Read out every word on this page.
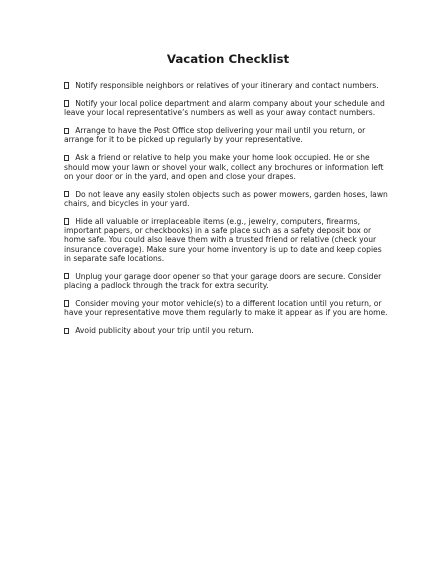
Vacation Checklist
Notify responsible neighbors or relatives of your itinerary and contact numbers.
Notify your local police department and alarm company about your schedule and leave your local representative’s numbers as well as your away contact numbers.
Arrange to have the Post Office stop delivering your mail until you return, or arrange for it to be picked up regularly by your representative.
Ask a friend or relative to help you make your home look occupied. He or she should mow your lawn or shovel your walk, collect any brochures or information left on your door or in the yard, and open and close your drapes.
Do not leave any easily stolen objects such as power mowers, garden hoses, lawn chairs, and bicycles in your yard.
Hide all valuable or irreplaceable items (e.g., jewelry, computers, firearms, important papers, or checkbooks) in a safe place such as a safety deposit box or home safe. You could also leave them with a trusted friend or relative (check your insurance coverage). Make sure your home inventory is up to date and keep copies in separate safe locations.
Unplug your garage door opener so that your garage doors are secure. Consider placing a padlock through the track for extra security.
Consider moving your motor vehicle(s) to a different location until you return, or have your representative move them regularly to make it appear as if you are home.
Avoid publicity about your trip until you return.
